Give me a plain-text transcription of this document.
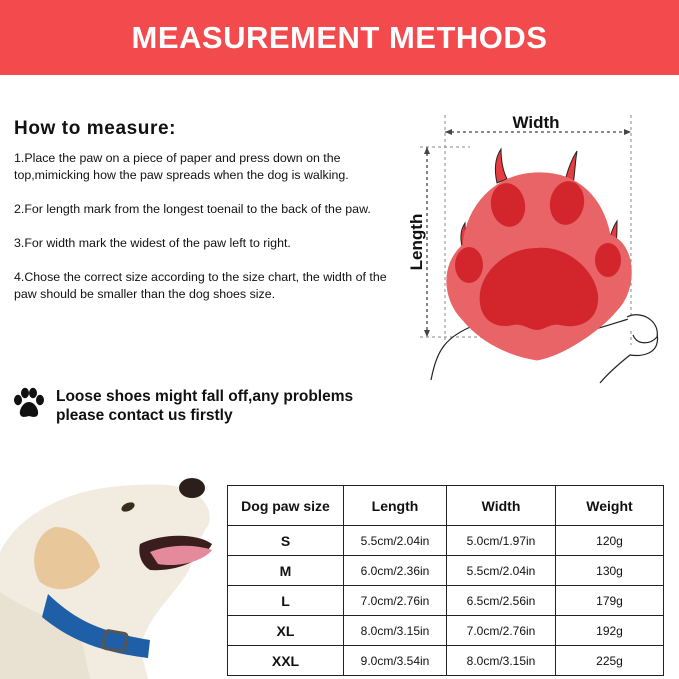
MEASUREMENT METHODS
How to measure:

1.Place the paw on a piece of paper and press down on the top,mimicking how the paw spreads when the dog is walking.

2.For length mark from the longest toenail to the back of the paw.

3.For width mark the widest of the paw left to right.

4.Chose the correct size according to the size chart, the width of the paw should be smaller than the dog shoes size.

Loose shoes might fall off,any problems please contact us firstly
Width
Length
Dog paw size	Length	Width	Weight
S	5.5cm/2.04in	5.0cm/1.97in	120g
M	6.0cm/2.36in	5.5cm/2.04in	130g
L	7.0cm/2.76in	6.5cm/2.56in	179g
XL	8.0cm/3.15in	7.0cm/2.76in	192g
XXL	9.0cm/3.54in	8.0cm/3.15in	225g
